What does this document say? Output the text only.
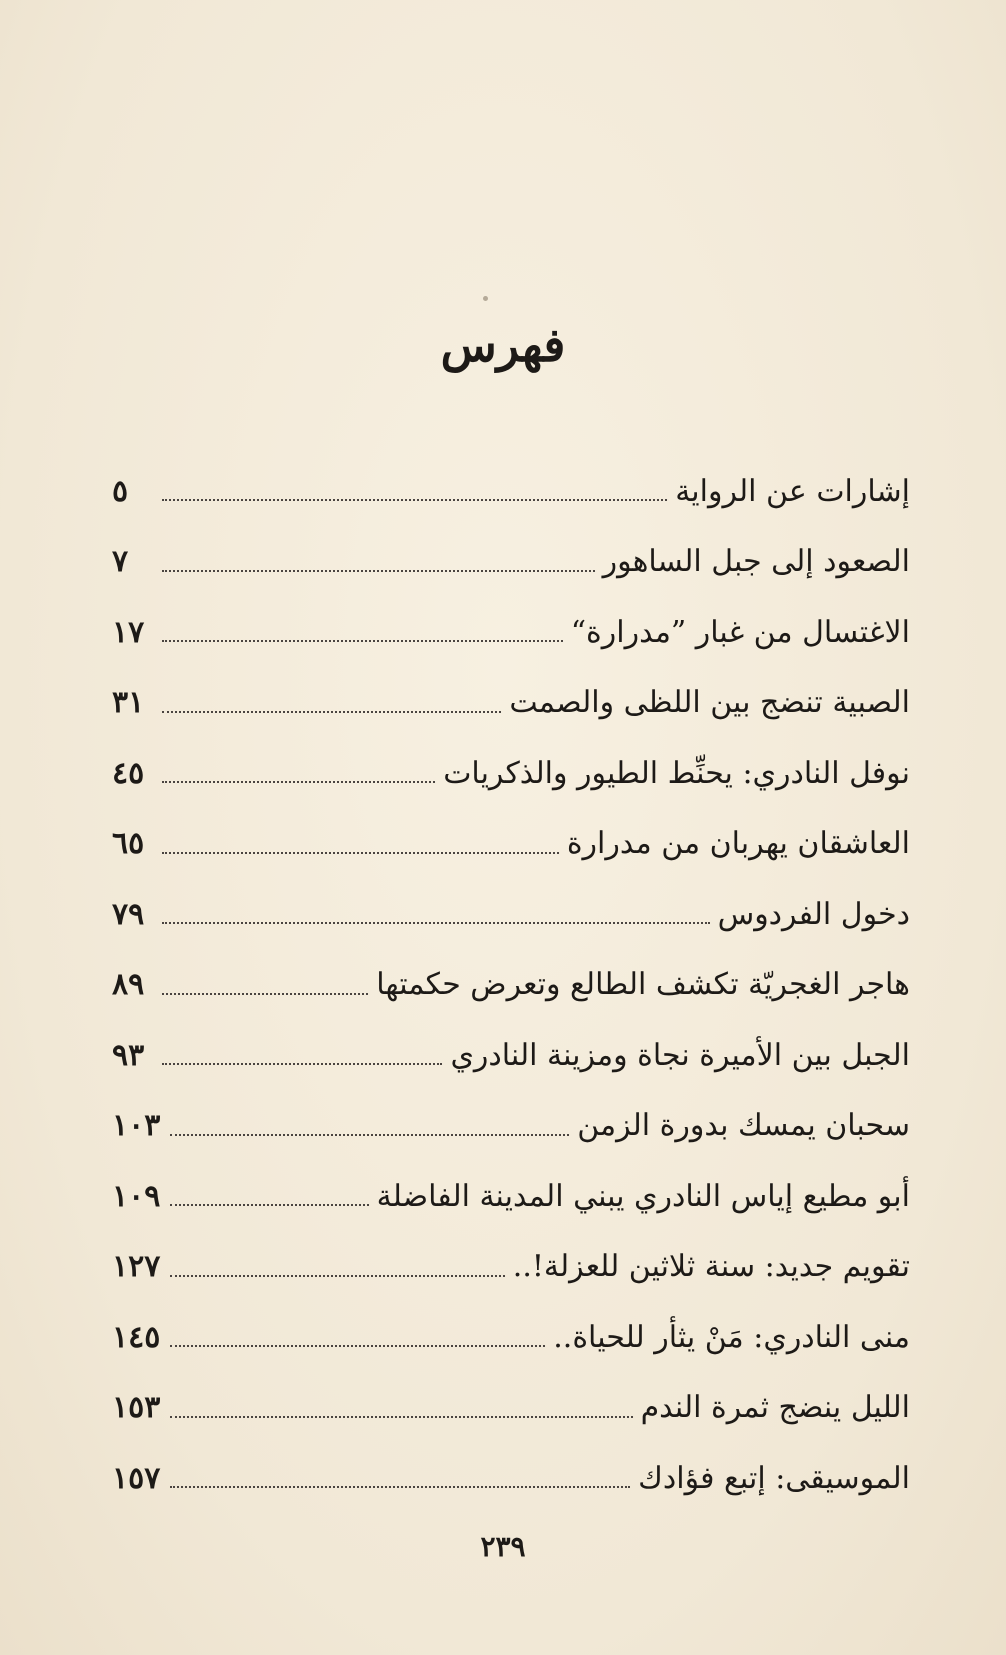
فهرس
إشارات عن الرواية
٥
الصعود إلى جبل الساهور
٧
الاغتسال من غبار ”مدرارة“
١٧
الصبية تنضج بين اللظى والصمت
٣١
نوفل النادري: يحنِّط الطيور والذكريات
٤٥
العاشقان يهربان من مدرارة
٦٥
دخول الفردوس
٧٩
هاجر الغجريّة تكشف الطالع وتعرض حكمتها
٨٩
الجبل بين الأميرة نجاة ومزينة النادري
٩٣
سحبان يمسك بدورة الزمن
١٠٣
أبو مطيع إياس النادري يبني المدينة الفاضلة
١٠٩
تقويم جديد: سنة ثلاثين للعزلة!..
١٢٧
منى النادري: مَنْ يثأر للحياة..
١٤٥
الليل ينضج ثمرة الندم
١٥٣
الموسيقى: إتبع فؤادك
١٥٧
٢٣٩
